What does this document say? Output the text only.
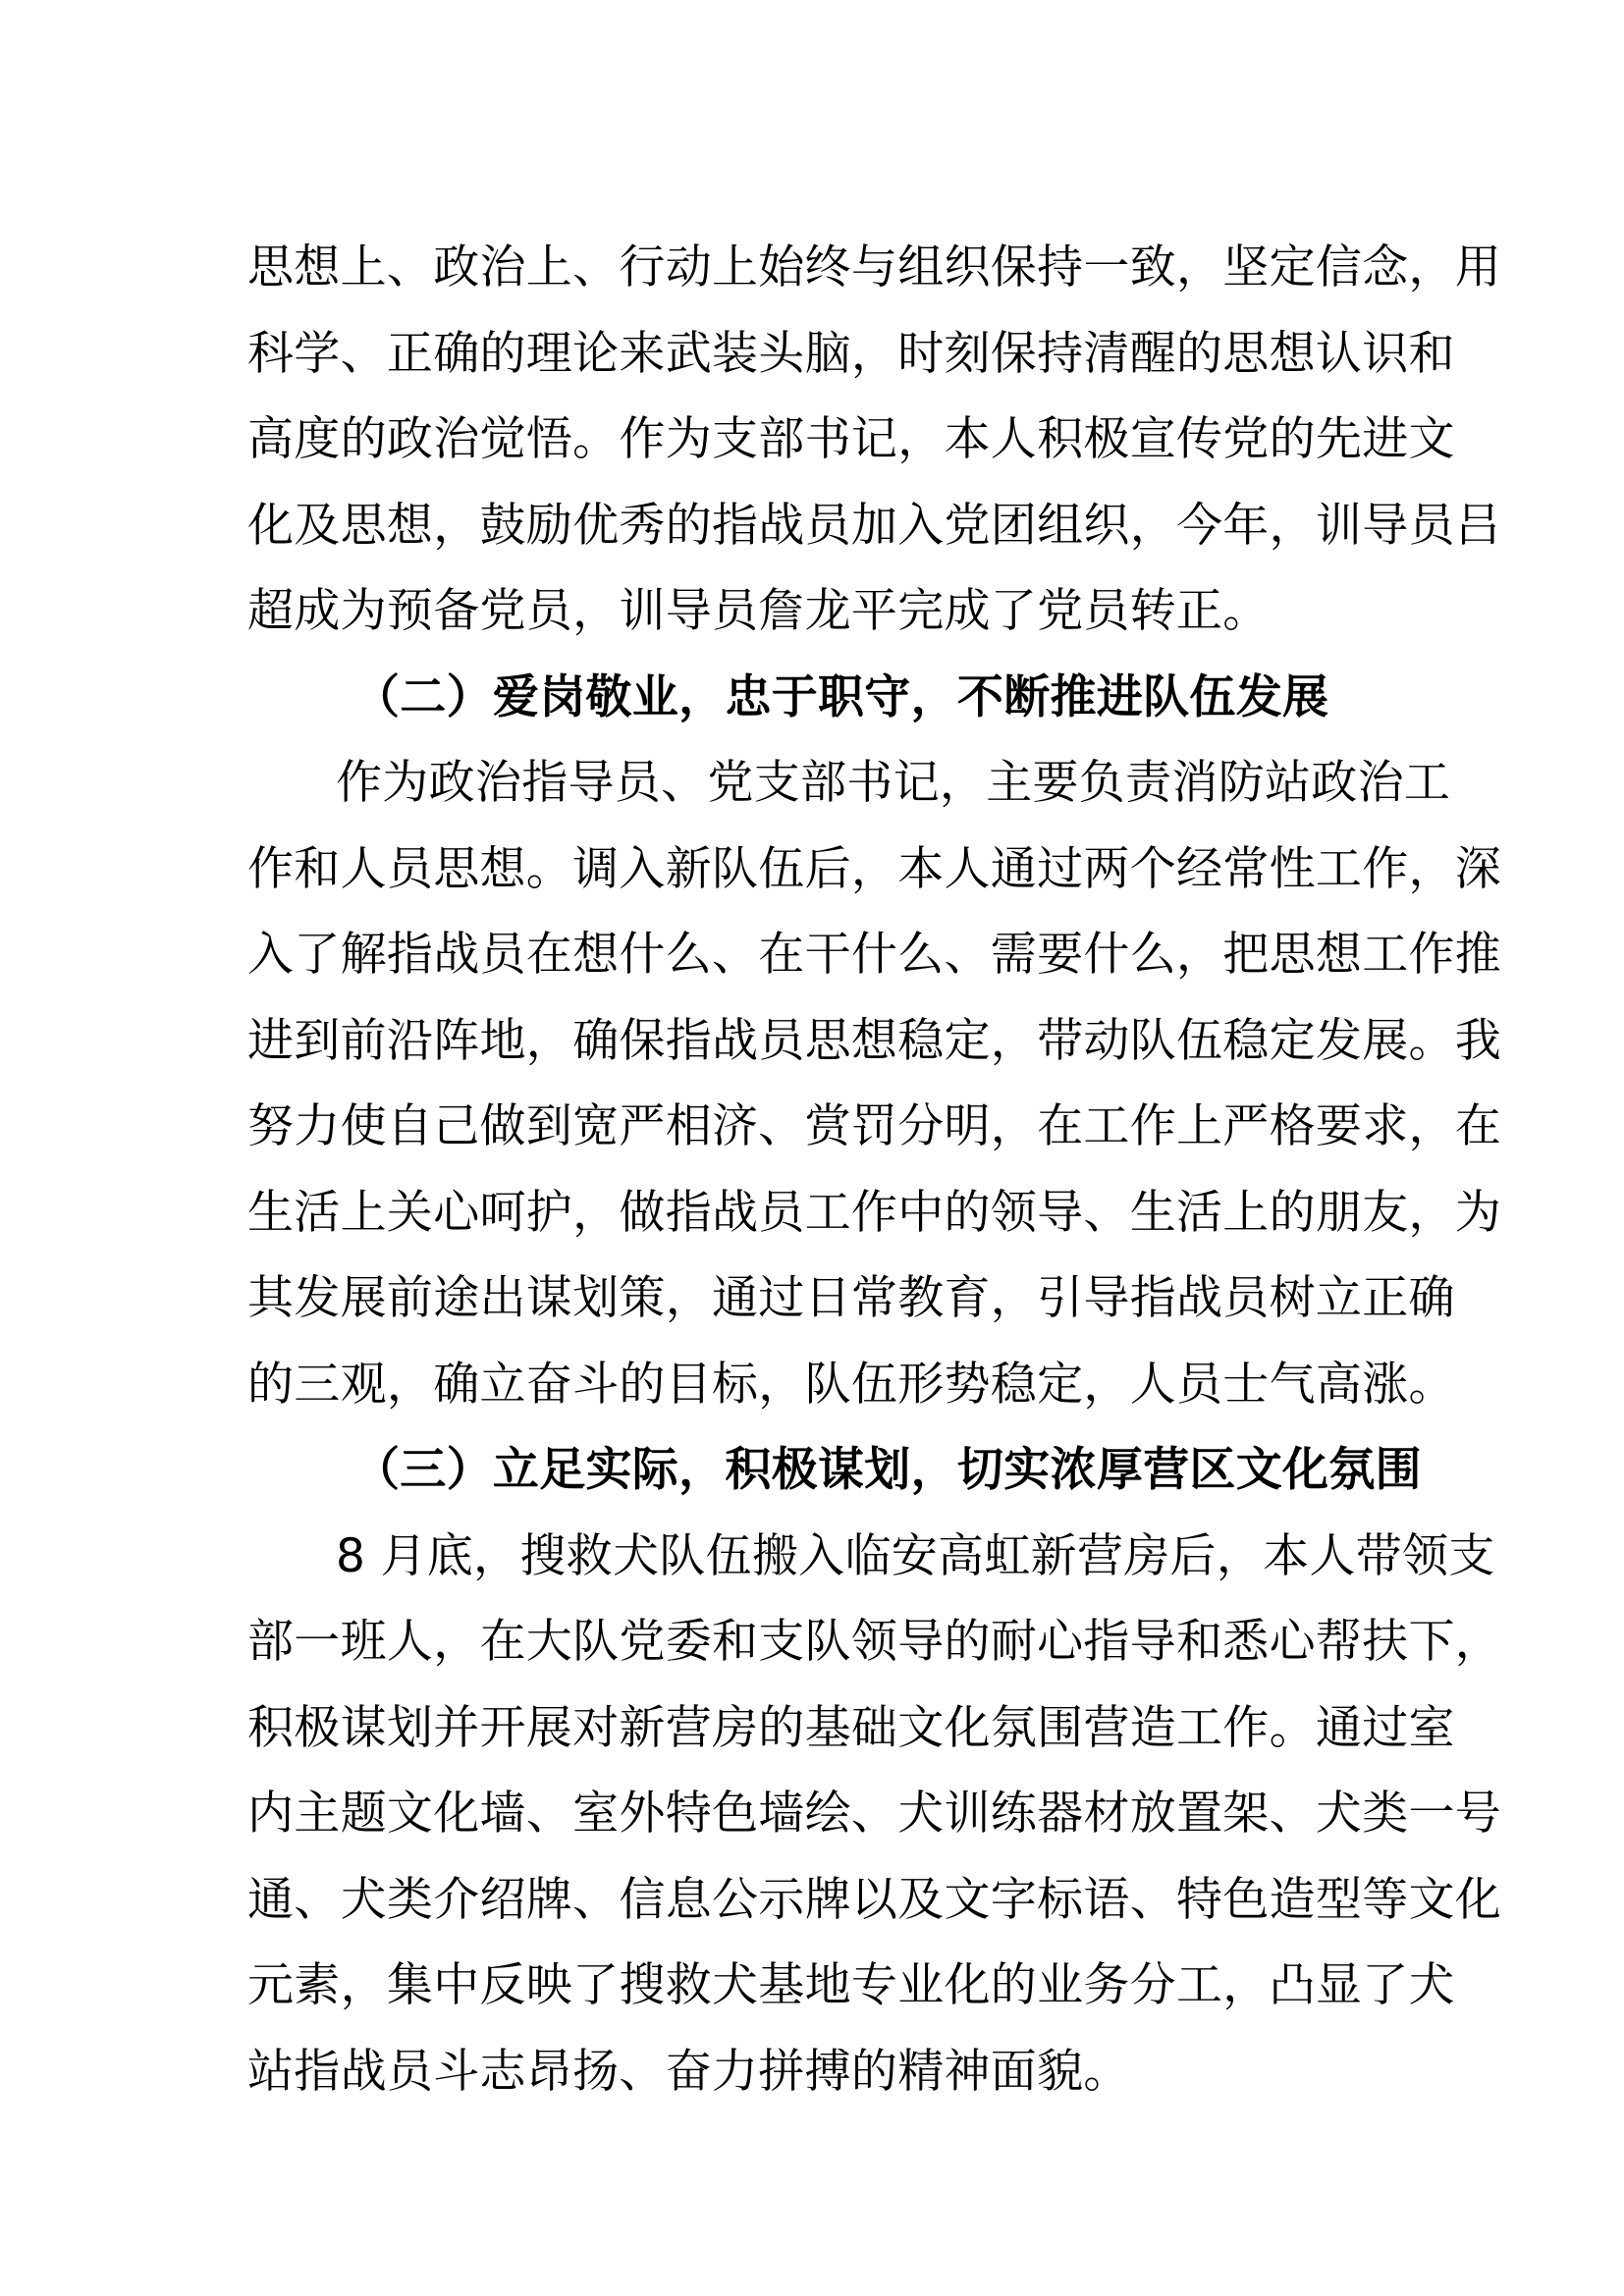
思想上、政治上、行动上始终与组织保持一致，坚定信念，用
科学、正确的理论来武装头脑，时刻保持清醒的思想认识和
高度的政治觉悟。作为支部书记，本人积极宣传党的先进文
化及思想，鼓励优秀的指战员加入党团组织，今年，训导员吕
超成为预备党员，训导员詹龙平完成了党员转正。
（二）爱岗敬业，忠于职守，不断推进队伍发展
作为政治指导员、党支部书记，主要负责消防站政治工
作和人员思想。调入新队伍后，本人通过两个经常性工作，深
入了解指战员在想什么、在干什么、需要什么，把思想工作推
进到前沿阵地，确保指战员思想稳定，带动队伍稳定发展。我
努力使自己做到宽严相济、赏罚分明，在工作上严格要求，在
生活上关心呵护，做指战员工作中的领导、生活上的朋友，为
其发展前途出谋划策，通过日常教育，引导指战员树立正确
的三观，确立奋斗的目标，队伍形势稳定，人员士气高涨。
（三）立足实际，积极谋划，切实浓厚营区文化氛围
8 月底，搜救犬队伍搬入临安高虹新营房后，本人带领支
部一班人，在大队党委和支队领导的耐心指导和悉心帮扶下，
积极谋划并开展对新营房的基础文化氛围营造工作。通过室
内主题文化墙、室外特色墙绘、犬训练器材放置架、犬类一号
通、犬类介绍牌、信息公示牌以及文字标语、特色造型等文化
元素，集中反映了搜救犬基地专业化的业务分工，凸显了犬
站指战员斗志昂扬、奋力拼搏的精神面貌。
